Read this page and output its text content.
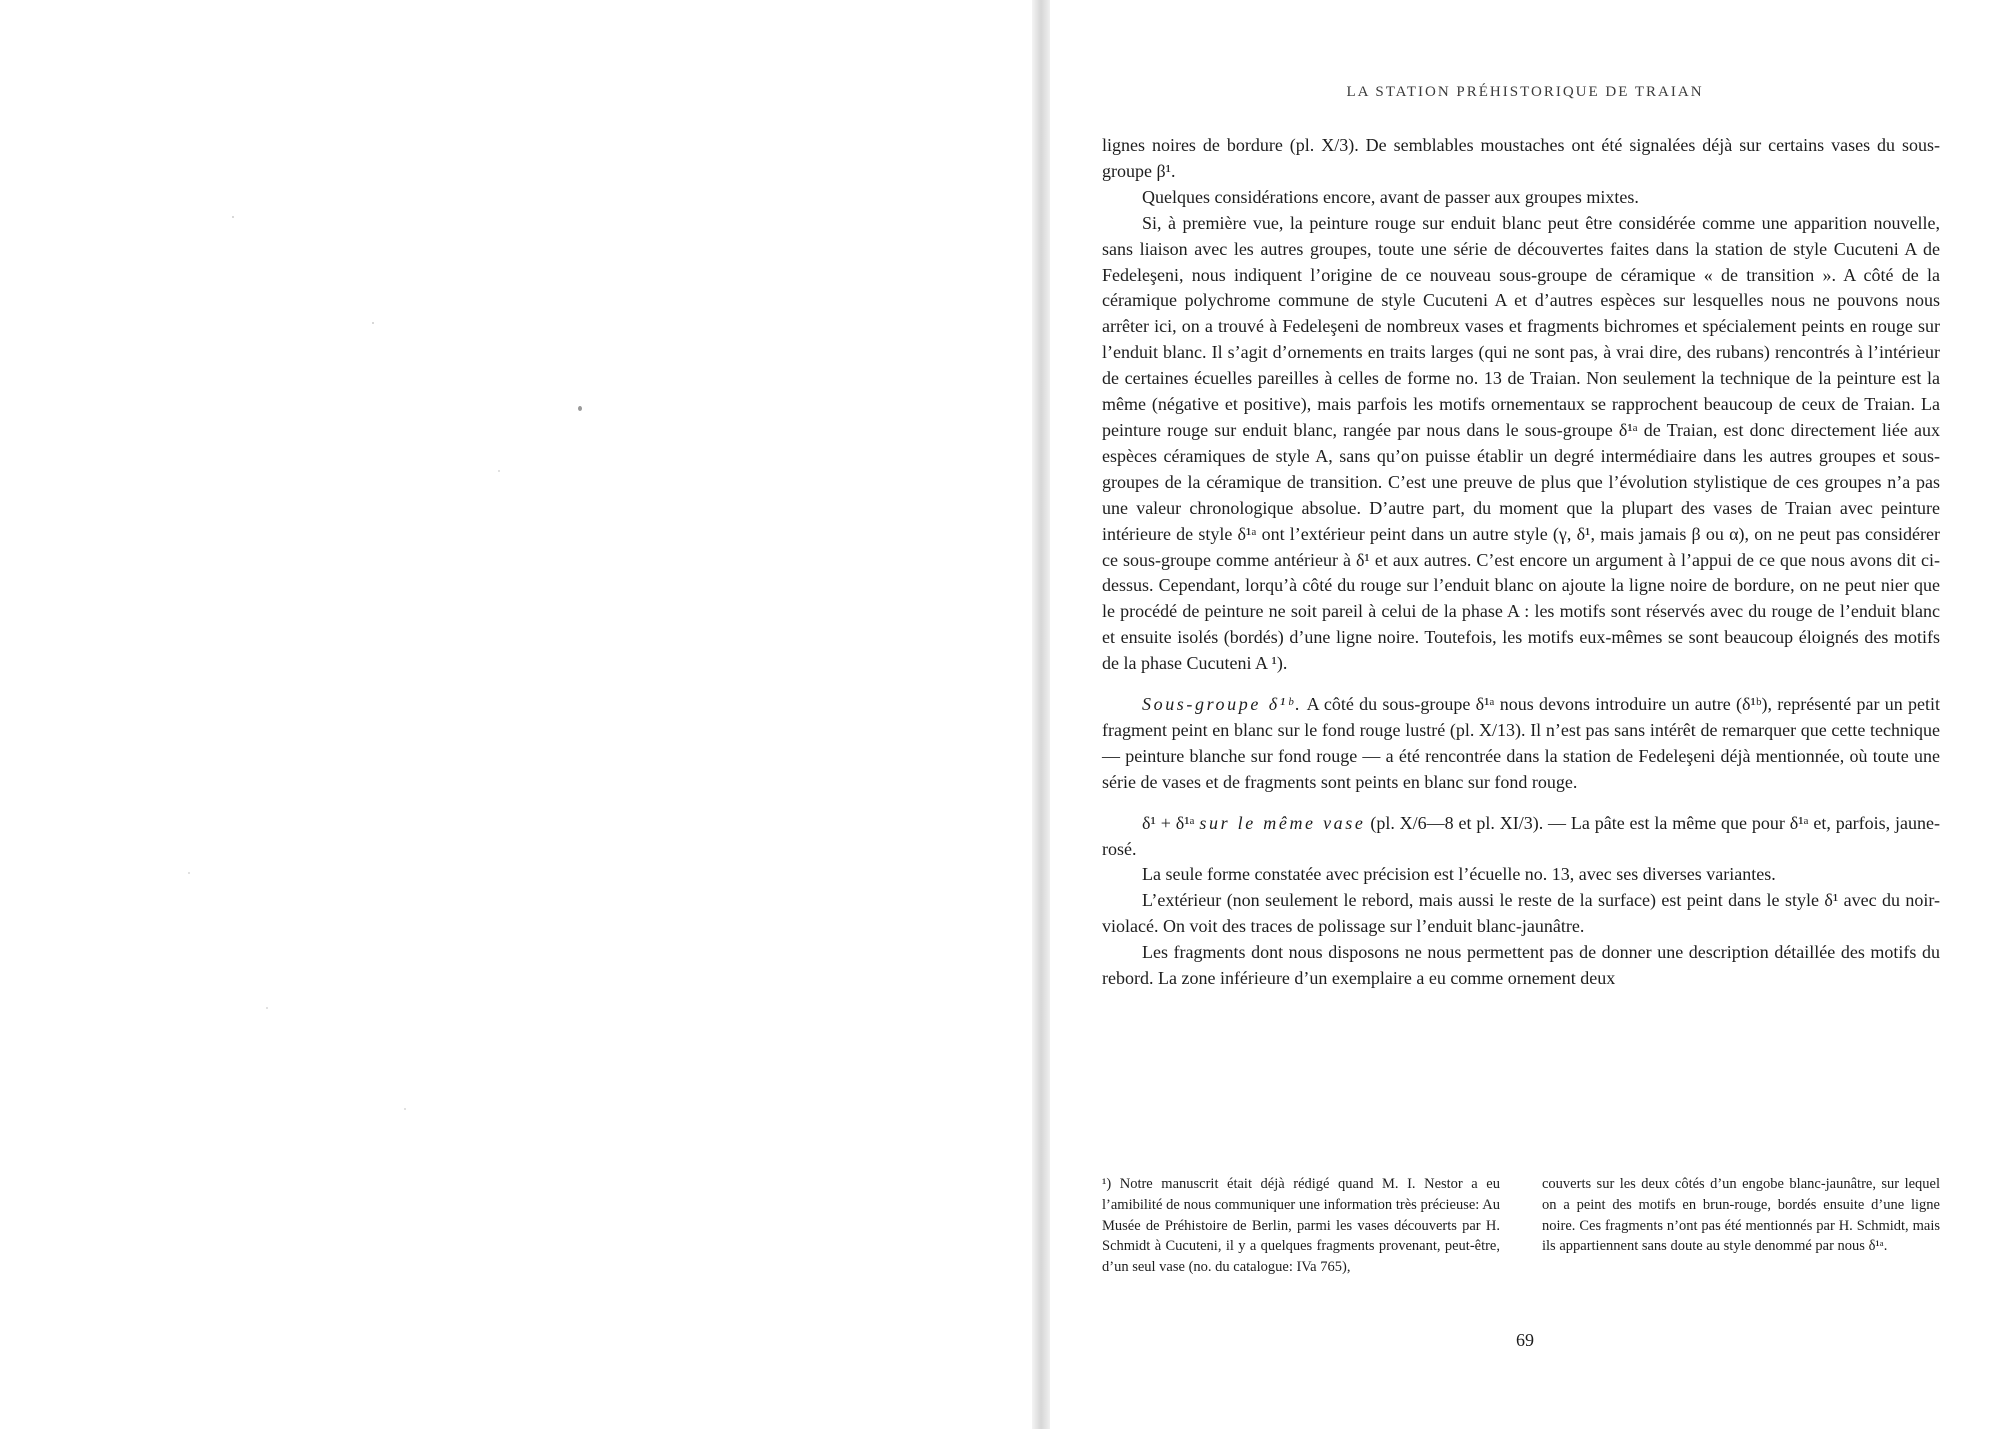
LA STATION PRÉHISTORIQUE DE TRAIAN

lignes noires de bordure (pl. X/3). De semblables moustaches ont été signalées déjà sur certains vases du sous-groupe β¹.

Quelques considérations encore, avant de passer aux groupes mixtes.

Si, à première vue, la peinture rouge sur enduit blanc peut être considérée comme une apparition nouvelle, sans liaison avec les autres groupes, toute une série de découvertes faites dans la station de style Cucuteni A de Fedeleşeni, nous indiquent l’origine de ce nouveau sous-groupe de céramique « de transition ». A côté de la céramique polychrome commune de style Cucuteni A et d’autres espèces sur lesquelles nous ne pouvons nous arrêter ici, on a trouvé à Fedeleşeni de nombreux vases et fragments bichromes et spécialement peints en rouge sur l’enduit blanc. Il s’agit d’ornements en traits larges (qui ne sont pas, à vrai dire, des rubans) rencontrés à l’intérieur de certaines écuelles pareilles à celles de forme no. 13 de Traian. Non seulement la technique de la peinture est la même (négative et positive), mais parfois les motifs ornementaux se rapprochent beaucoup de ceux de Traian. La peinture rouge sur enduit blanc, rangée par nous dans le sous-groupe δ¹ᵃ de Traian, est donc directement liée aux espèces céramiques de style A, sans qu’on puisse établir un degré intermédiaire dans les autres groupes et sous-groupes de la céramique de transition. C’est une preuve de plus que l’évolution stylistique de ces groupes n’a pas une valeur chronologique absolue. D’autre part, du moment que la plupart des vases de Traian avec peinture intérieure de style δ¹ᵃ ont l’extérieur peint dans un autre style (γ, δ¹, mais jamais β ou α), on ne peut pas considérer ce sous-groupe comme antérieur à δ¹ et aux autres. C’est encore un argument à l’appui de ce que nous avons dit ci-dessus. Cependant, lorqu’à côté du rouge sur l’enduit blanc on ajoute la ligne noire de bordure, on ne peut nier que le procédé de peinture ne soit pareil à celui de la phase A : les motifs sont réservés avec du rouge de l’enduit blanc et ensuite isolés (bordés) d’une ligne noire. Toutefois, les motifs eux-mêmes se sont beaucoup éloignés des motifs de la phase Cucuteni A ¹).

Sous-groupe δ¹ᵇ. A côté du sous-groupe δ¹ᵃ nous devons introduire un autre (δ¹ᵇ), représenté par un petit fragment peint en blanc sur le fond rouge lustré (pl. X/13). Il n’est pas sans intérêt de remarquer que cette technique — peinture blanche sur fond rouge — a été rencontrée dans la station de Fedeleşeni déjà mentionnée, où toute une série de vases et de fragments sont peints en blanc sur fond rouge.

δ¹ + δ¹ᵃ sur le même vase (pl. X/6—8 et pl. XI/3). — La pâte est la même que pour δ¹ᵃ et, parfois, jaune-rosé.

La seule forme constatée avec précision est l’écuelle no. 13, avec ses diverses variantes.

L’extérieur (non seulement le rebord, mais aussi le reste de la surface) est peint dans le style δ¹ avec du noir-violacé. On voit des traces de polissage sur l’enduit blanc-jaunâtre.

Les fragments dont nous disposons ne nous permettent pas de donner une description détaillée des motifs du rebord. La zone inférieure d’un exemplaire a eu comme ornement deux

¹) Notre manuscrit était déjà rédigé quand M. I. Nestor a eu l’amibilité de nous communiquer une information très précieuse: Au Musée de Préhistoire de Berlin, parmi les vases découverts par H. Schmidt à Cucuteni, il y a quelques fragments provenant, peut-être, d’un seul vase (no. du catalogue: IVa 765),

couverts sur les deux côtés d’un engobe blanc-jaunâtre, sur lequel on a peint des motifs en brun-rouge, bordés ensuite d’une ligne noire. Ces fragments n’ont pas été mentionnés par H. Schmidt, mais ils appartiennent sans doute au style denommé par nous δ¹ᵃ.

69
